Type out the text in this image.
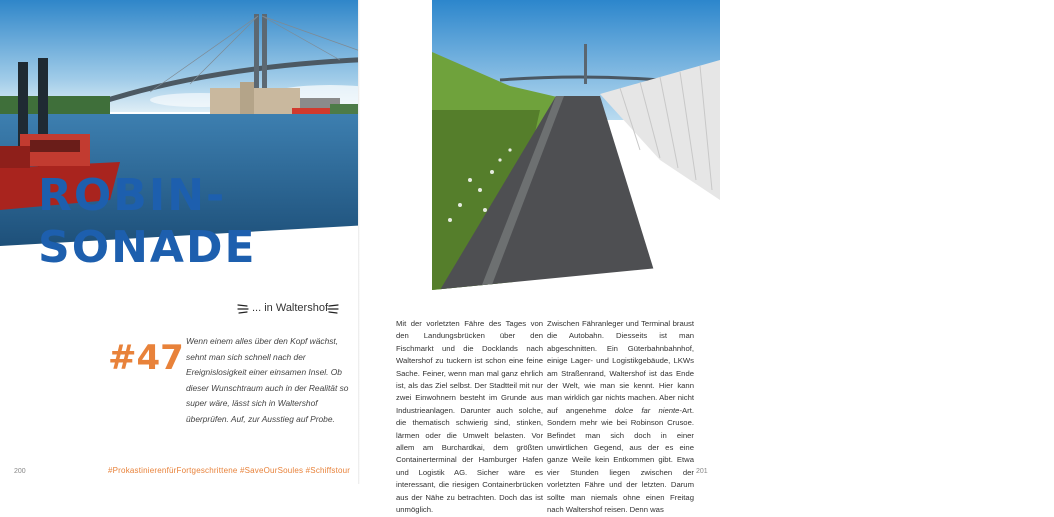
ROBIN-
SONADE
... in Waltershof
#47 Wenn einem alles über den Kopf wächst, sehnt man sich schnell nach der Ereignislosigkeit einer einsamen Insel. Ob dieser Wunschtraum auch in der Realität so super wäre, lässt sich in Waltershof überprüfen. Auf, zur Ausstieg auf Probe.
200	#ProkastinierenfürFortgeschrittene #SaveOurSoules #Schiffstour
ABENTEUER IN SICHT
In Waltershof kann man wenig machen, nicht mal in die Irre laufen.
Mit der vorletzten Fähre des Tages von den Landungsbrücken über den Fischmarkt und die Docklands nach Waltershof zu tuckern ist schon eine feine Sache. Feiner, wenn man mal ganz ehrlich ist, als das Ziel selbst. Der Stadtteil mit nur zwei Einwohnern besteht im Grunde aus Industrieanlagen. Darunter auch solche, die thematisch schwierig sind, stinken, lärmen oder die Umwelt belasten. Vor allem am Burchardkai, dem größten Containerterminal der Hamburger Hafen und Logistik AG. Sicher wäre es interessant, die riesigen Containerbrücken aus der Nähe zu betrachten. Doch das ist unmöglich.
Zwischen Fähranleger und Terminal braust die Autobahn. Diesseits ist man abgeschnitten. Ein Güterbahnbahnhof, einige Lager- und Logistikgebäude, LKWs am Straßenrand, Waltershof ist das Ende der Welt, wie man sie kennt. Hier kann man wirklich gar nichts machen. Aber nicht auf angenehme dolce far niente-Art. Sondern mehr wie bei Robinson Crusoe. Befindet man sich doch in einer unwirtlichen Gegend, aus der es eine ganze Weile kein Entkommen gibt. Etwa vier Stunden liegen zwischen der vorletzten Fähre und der letzten. Darum sollte man niemals ohne einen Freitag nach Waltershof reisen. Denn was
201
